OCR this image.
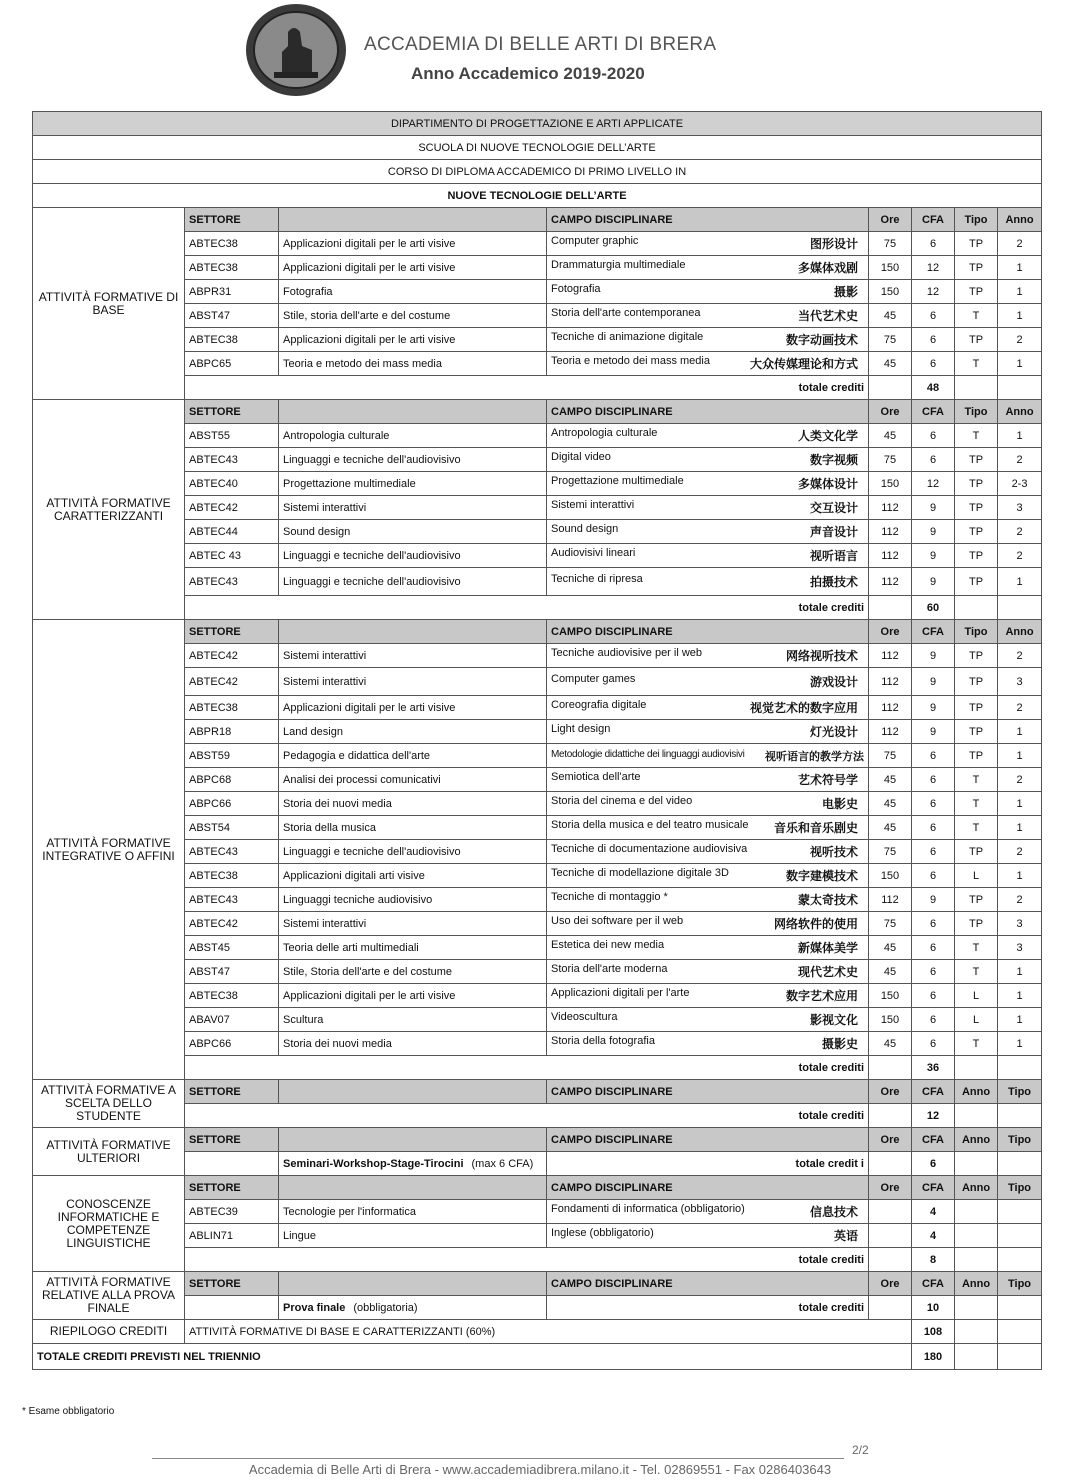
ACCADEMIA DI BELLE ARTI DI BRERA
Anno Accademico 2019-2020
DIPARTIMENTO DI PROGETTAZIONE E ARTI APPLICATE							
SCUOLA DI NUOVE TECNOLOGIE DELL’ARTE							
CORSO DI DIPLOMA ACCADEMICO DI PRIMO LIVELLO IN							
NUOVE TECNOLOGIE DELL’ARTE							
ATTIVITÀ FORMATIVE DI BASE	SETTORE		CAMPO DISCIPLINARE	Ore	CFA	Tipo	Anno
	ABTEC38	Applicazioni digitali per le arti visive	Computer graphic 图形设计	75	6	TP	2
	ABTEC38	Applicazioni digitali per le arti visive	Drammaturgia multimediale 多媒体戏剧	150	12	TP	1
	ABPR31	Fotografia	Fotografia 摄影	150	12	TP	1
	ABST47	Stile, storia dell'arte e del costume	Storia dell'arte contemporanea 当代艺术史	45	6	T	1
	ABTEC38	Applicazioni digitali per le arti visive	Tecniche di animazione digitale 数字动画技术	75	6	TP	2
	ABPC65	Teoria e metodo dei mass media	Teoria e metodo dei mass media 大众传媒理论和方式	45	6	T	1
	totale crediti				48		
ATTIVITÀ FORMATIVE CARATTERIZZANTI	SETTORE		CAMPO DISCIPLINARE	Ore	CFA	Tipo	Anno
	ABST55	Antropologia culturale	Antropologia culturale 人类文化学	45	6	T	1
	ABTEC43	Linguaggi e tecniche dell'audiovisivo	Digital video 数字视频	75	6	TP	2
	ABTEC40	Progettazione multimediale	Progettazione multimediale 多媒体设计	150	12	TP	2-3
	ABTEC42	Sistemi interattivi	Sistemi interattivi 交互设计	112	9	TP	3
	ABTEC44	Sound design	Sound design 声音设计	112	9	TP	2
	ABTEC 43	Linguaggi e tecniche dell'audiovisivo	Audiovisivi lineari 视听语言	112	9	TP	2
	ABTEC43	Linguaggi e tecniche dell'audiovisivo	Tecniche di ripresa 拍摄技术	112	9	TP	1
	totale crediti				60		
ATTIVITÀ FORMATIVE INTEGRATIVE O AFFINI	SETTORE		CAMPO DISCIPLINARE	Ore	CFA	Tipo	Anno
	ABTEC42	Sistemi interattivi	Tecniche audiovisive per il web 网络视听技术	112	9	TP	2
	ABTEC42	Sistemi interattivi	Computer games 游戏设计	112	9	TP	3
	ABTEC38	Applicazioni digitali per le arti visive	Coreografia digitale 视觉艺术的数字应用	112	9	TP	2
	ABPR18	Land design	Light design 灯光设计	112	9	TP	1
	ABST59	Pedagogia e didattica dell'arte	Metodologie didattiche dei linguaggi audiovisivi 视听语言的教学方法	75	6	TP	1
	ABPC68	Analisi dei processi comunicativi	Semiotica dell'arte 艺术符号学	45	6	T	2
	ABPC66	Storia dei nuovi media	Storia del cinema e del video 电影史	45	6	T	1
	ABST54	Storia della musica	Storia della musica e del teatro musicale 音乐和音乐剧史	45	6	T	1
	ABTEC43	Linguaggi e tecniche dell'audiovisivo	Tecniche di documentazione audiovisiva 视听技术	75	6	TP	2
	ABTEC38	Applicazioni digitali arti visive	Tecniche di modellazione digitale 3D 数字建模技术	150	6	L	1
	ABTEC43	Linguaggi tecniche audiovisivo	Tecniche di montaggio * 蒙太奇技术	112	9	TP	2
	ABTEC42	Sistemi interattivi	Uso dei software per il web 网络软件的使用	75	6	TP	3
	ABST45	Teoria delle arti multimediali	Estetica dei new media 新媒体美学	45	6	T	3
	ABST47	Stile, Storia dell'arte e del costume	Storia dell'arte moderna 现代艺术史	45	6	T	1
	ABTEC38	Applicazioni digitali per le arti visive	Applicazioni digitali per l'arte 数字艺术应用	150	6	L	1
	ABAV07	Scultura	Videoscultura 影视文化	150	6	L	1
	ABPC66	Storia dei nuovi media	Storia della fotografia 摄影史	45	6	T	1
	totale crediti				36		
ATTIVITÀ FORMATIVE A SCELTA DELLO STUDENTE	SETTORE		CAMPO DISCIPLINARE	Ore	CFA	Anno	Tipo
	totale crediti				12		
ATTIVITÀ FORMATIVE ULTERIORI	SETTORE		CAMPO DISCIPLINARE	Ore	CFA	Anno	Tipo
		Seminari-Workshop-Stage-Tirocini (max 6 CFA)	totale credit i		6		
CONOSCENZE INFORMATICHE E COMPETENZE LINGUISTICHE	SETTORE		CAMPO DISCIPLINARE	Ore	CFA	Anno	Tipo
	ABTEC39	Tecnologie per l'informatica	Fondamenti di informatica (obbligatorio) 信息技术		4		
	ABLIN71	Lingue	Inglese (obbligatorio) 英语		4		
	totale crediti				8		
ATTIVITÀ FORMATIVE RELATIVE ALLA PROVA FINALE	SETTORE		CAMPO DISCIPLINARE	Ore	CFA	Anno	Tipo
		Prova finale (obbligatoria)	totale crediti		10		
RIEPILOGO CREDITI	ATTIVITÀ FORMATIVE DI BASE E CARATTERIZZANTI (60%)				108		
TOTALE CREDITI PREVISTI NEL TRIENNIO					180		
* Esame obbligatorio
2/2
Accademia di Belle Arti di Brera - www.accademiadibrera.milano.it - Tel. 02869551 - Fax 0286403643
